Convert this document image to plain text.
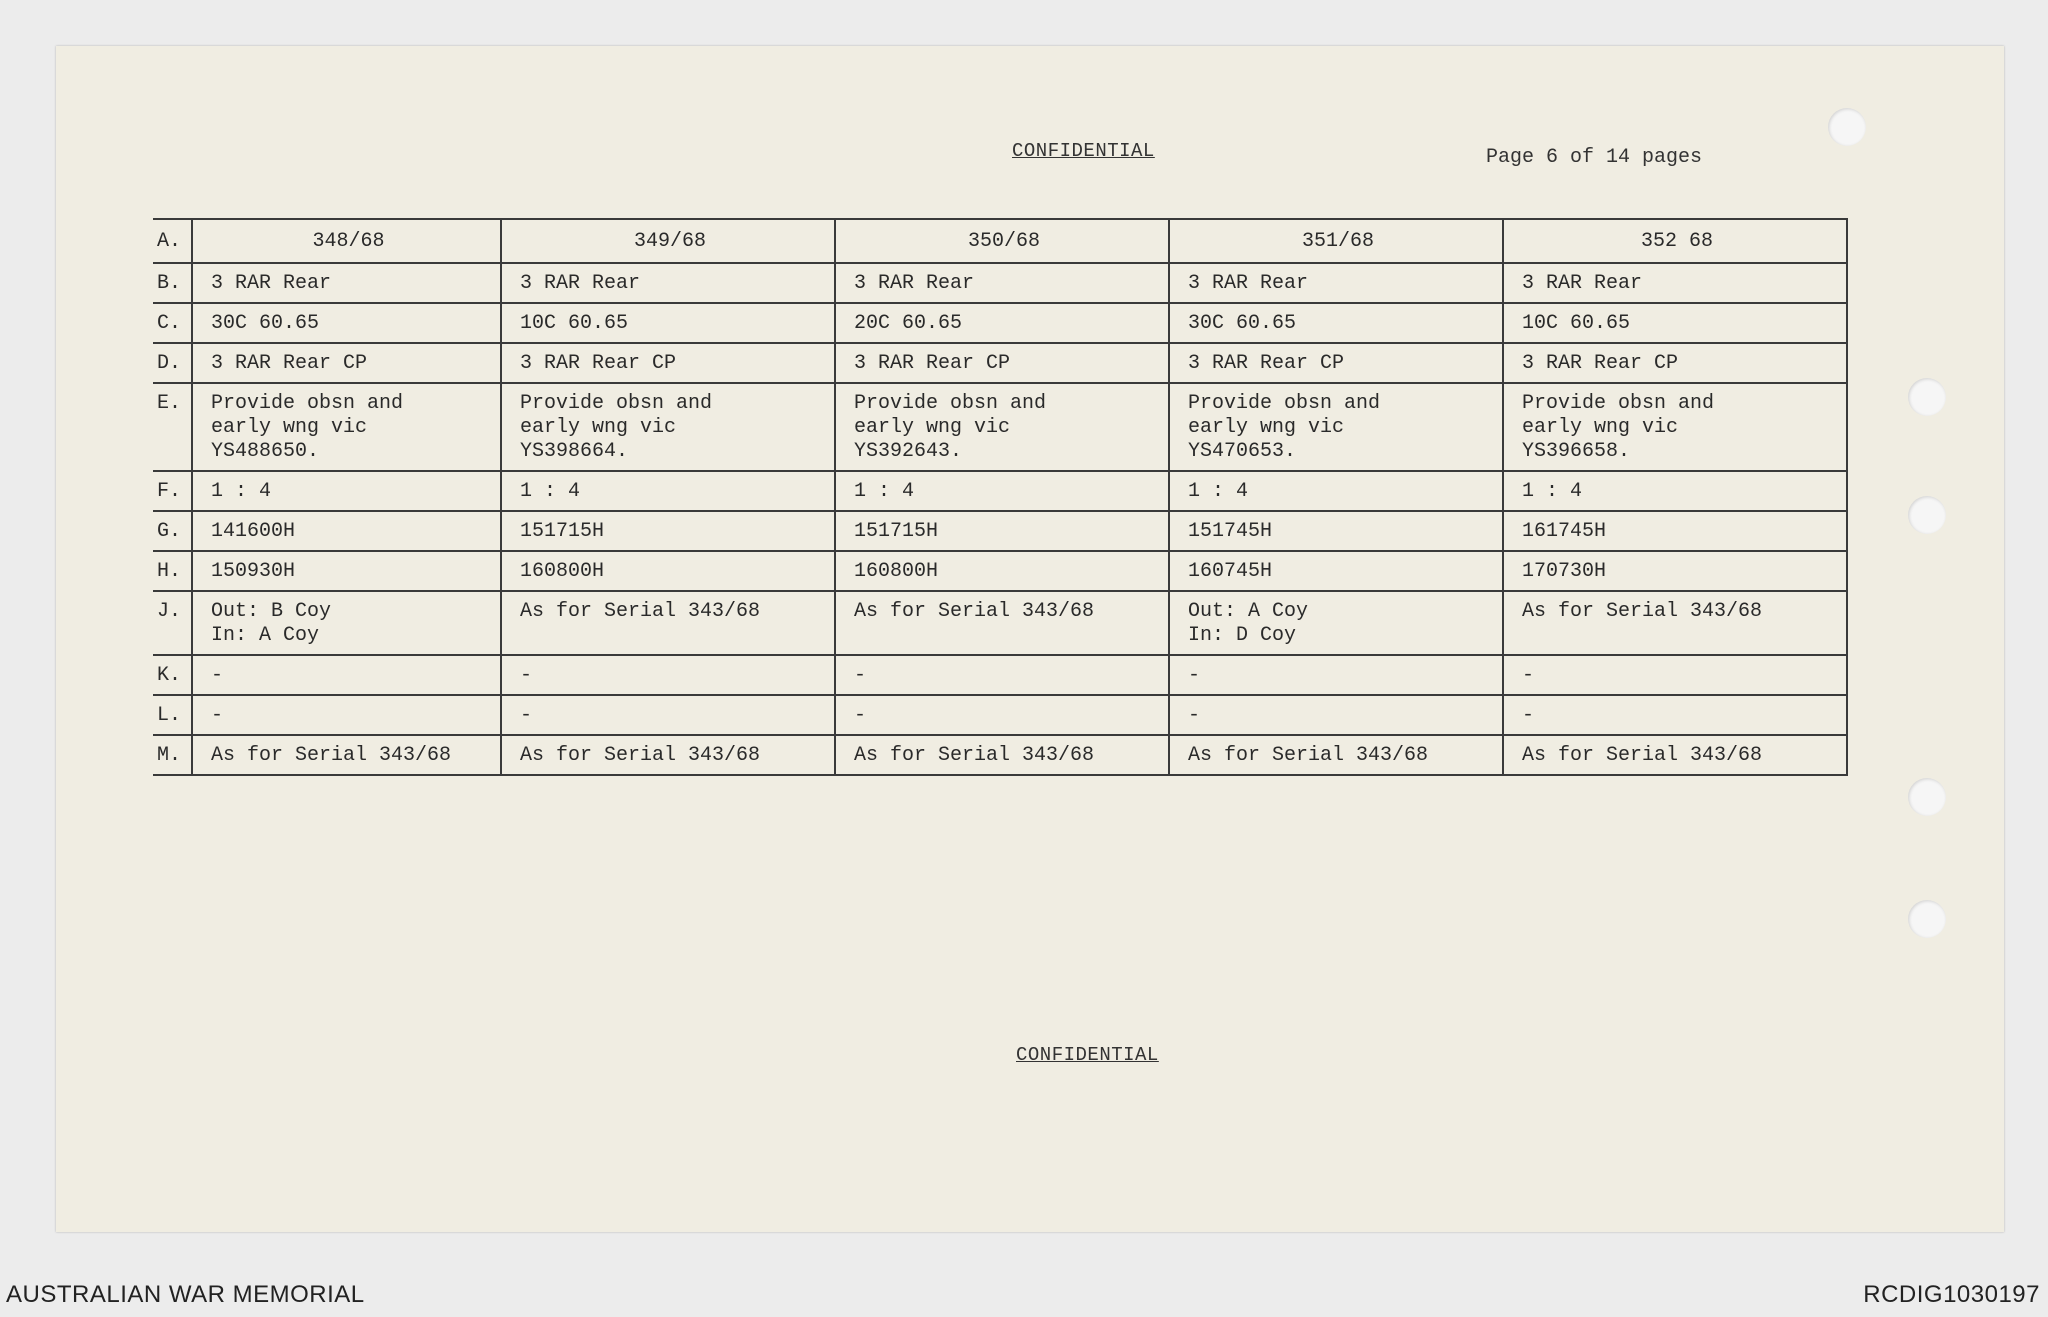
CONFIDENTIAL	Page 6 of 14 pages
A.	348/68	349/68	350/68	351/68	352 68
B.	3 RAR Rear	3 RAR Rear	3 RAR Rear	3 RAR Rear	3 RAR Rear
C.	30C 60.65	10C 60.65	20C 60.65	30C 60.65	10C 60.65
D.	3 RAR Rear CP	3 RAR Rear CP	3 RAR Rear CP	3 RAR Rear CP	3 RAR Rear CP
E.	Provide obsn and
early wng vic
YS488650.	Provide obsn and
early wng vic
YS398664.	Provide obsn and
early wng vic
YS392643.	Provide obsn and
early wng vic
YS470653.	Provide obsn and
early wng vic
YS396658.
F.	1 : 4	1 : 4	1 : 4	1 : 4	1 : 4
G.	141600H	151715H	151715H	151745H	161745H
H.	150930H	160800H	160800H	160745H	170730H
J.	Out: B Coy
In: A Coy	As for Serial 343/68	As for Serial 343/68	Out: A Coy
In: D Coy	As for Serial 343/68
K.	-	-	-	-	-
L.	-	-	-	-	-
M.	As for Serial 343/68	As for Serial 343/68	As for Serial 343/68	As for Serial 343/68	As for Serial 343/68
CONFIDENTIAL
AUSTRALIAN WAR MEMORIAL	RCDIG1030197
